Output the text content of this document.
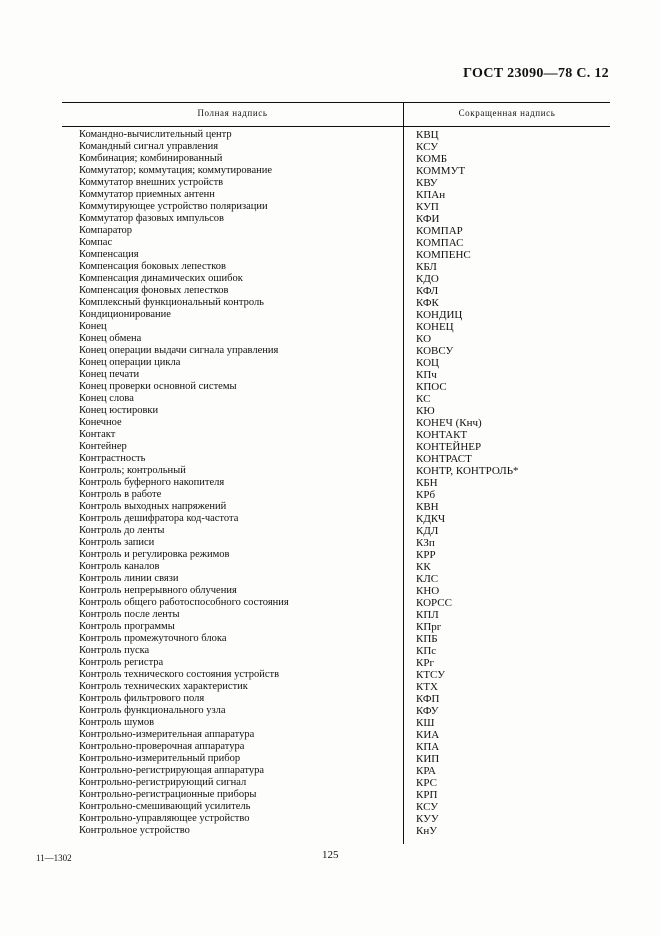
ГОСТ 23090—78 С. 12
Полная надпись	Сокращенная надпись
Командно-вычислительный центр	КВЦ
Командный сигнал управления	КСУ
Комбинация; комбинированный	КОМБ
Коммутатор; коммутация; коммутирование	КОММУТ
Коммутатор внешних устройств	КВУ
Коммутатор приемных антенн	КПАн
Коммутирующее устройство поляризации	КУП
Коммутатор фазовых импульсов	КФИ
Компаратор	КОМПАР
Компас	КОМПАС
Компенсация	КОМПЕНС
Компенсация боковых лепестков	КБЛ
Компенсация динамических ошибок	КДО
Компенсация фоновых лепестков	КФЛ
Комплексный функциональный контроль	КФК
Кондиционирование	КОНДИЦ
Конец	КОНЕЦ
Конец обмена	КО
Конец операции выдачи сигнала управления	КОВСУ
Конец операции цикла	КОЦ
Конец печати	КПч
Конец проверки основной системы	КПОС
Конец слова	КС
Конец юстировки	КЮ
Конечное	КОНЕЧ (Кнч)
Контакт	КОНТАКТ
Контейнер	КОНТЕЙНЕР
Контрастность	КОНТРАСТ
Контроль; контрольный	КОНТР, КОНТРОЛЬ*
Контроль буферного накопителя	КБН
Контроль в работе	КРб
Контроль выходных напряжений	КВН
Контроль дешифратора код-частота	КДКЧ
Контроль до ленты	КДЛ
Контроль записи	КЗп
Контроль и регулировка режимов	КРР
Контроль каналов	КК
Контроль линии связи	КЛС
Контроль непрерывного облучения	КНО
Контроль общего работоспособного состояния	КОРСС
Контроль после ленты	КПЛ
Контроль программы	КПрг
Контроль промежуточного блока	КПБ
Контроль пуска	КПс
Контроль регистра	КРг
Контроль технического состояния устройств	КТСУ
Контроль технических характеристик	КТХ
Контроль фильтрового поля	КФП
Контроль функционального узла	КФУ
Контроль шумов	КШ
Контрольно-измерительная аппаратура	КИА
Контрольно-проверочная аппаратура	КПА
Контрольно-измерительный прибор	КИП
Контрольно-регистрирующая аппаратура	КРА
Контрольно-регистрирующий сигнал	КРС
Контрольно-регистрационные приборы	КРП
Контрольно-смешивающий усилитель	КСУ
Контрольно-управляющее устройство	КУУ
Контрольное устройство	КнУ
11—1302	125
